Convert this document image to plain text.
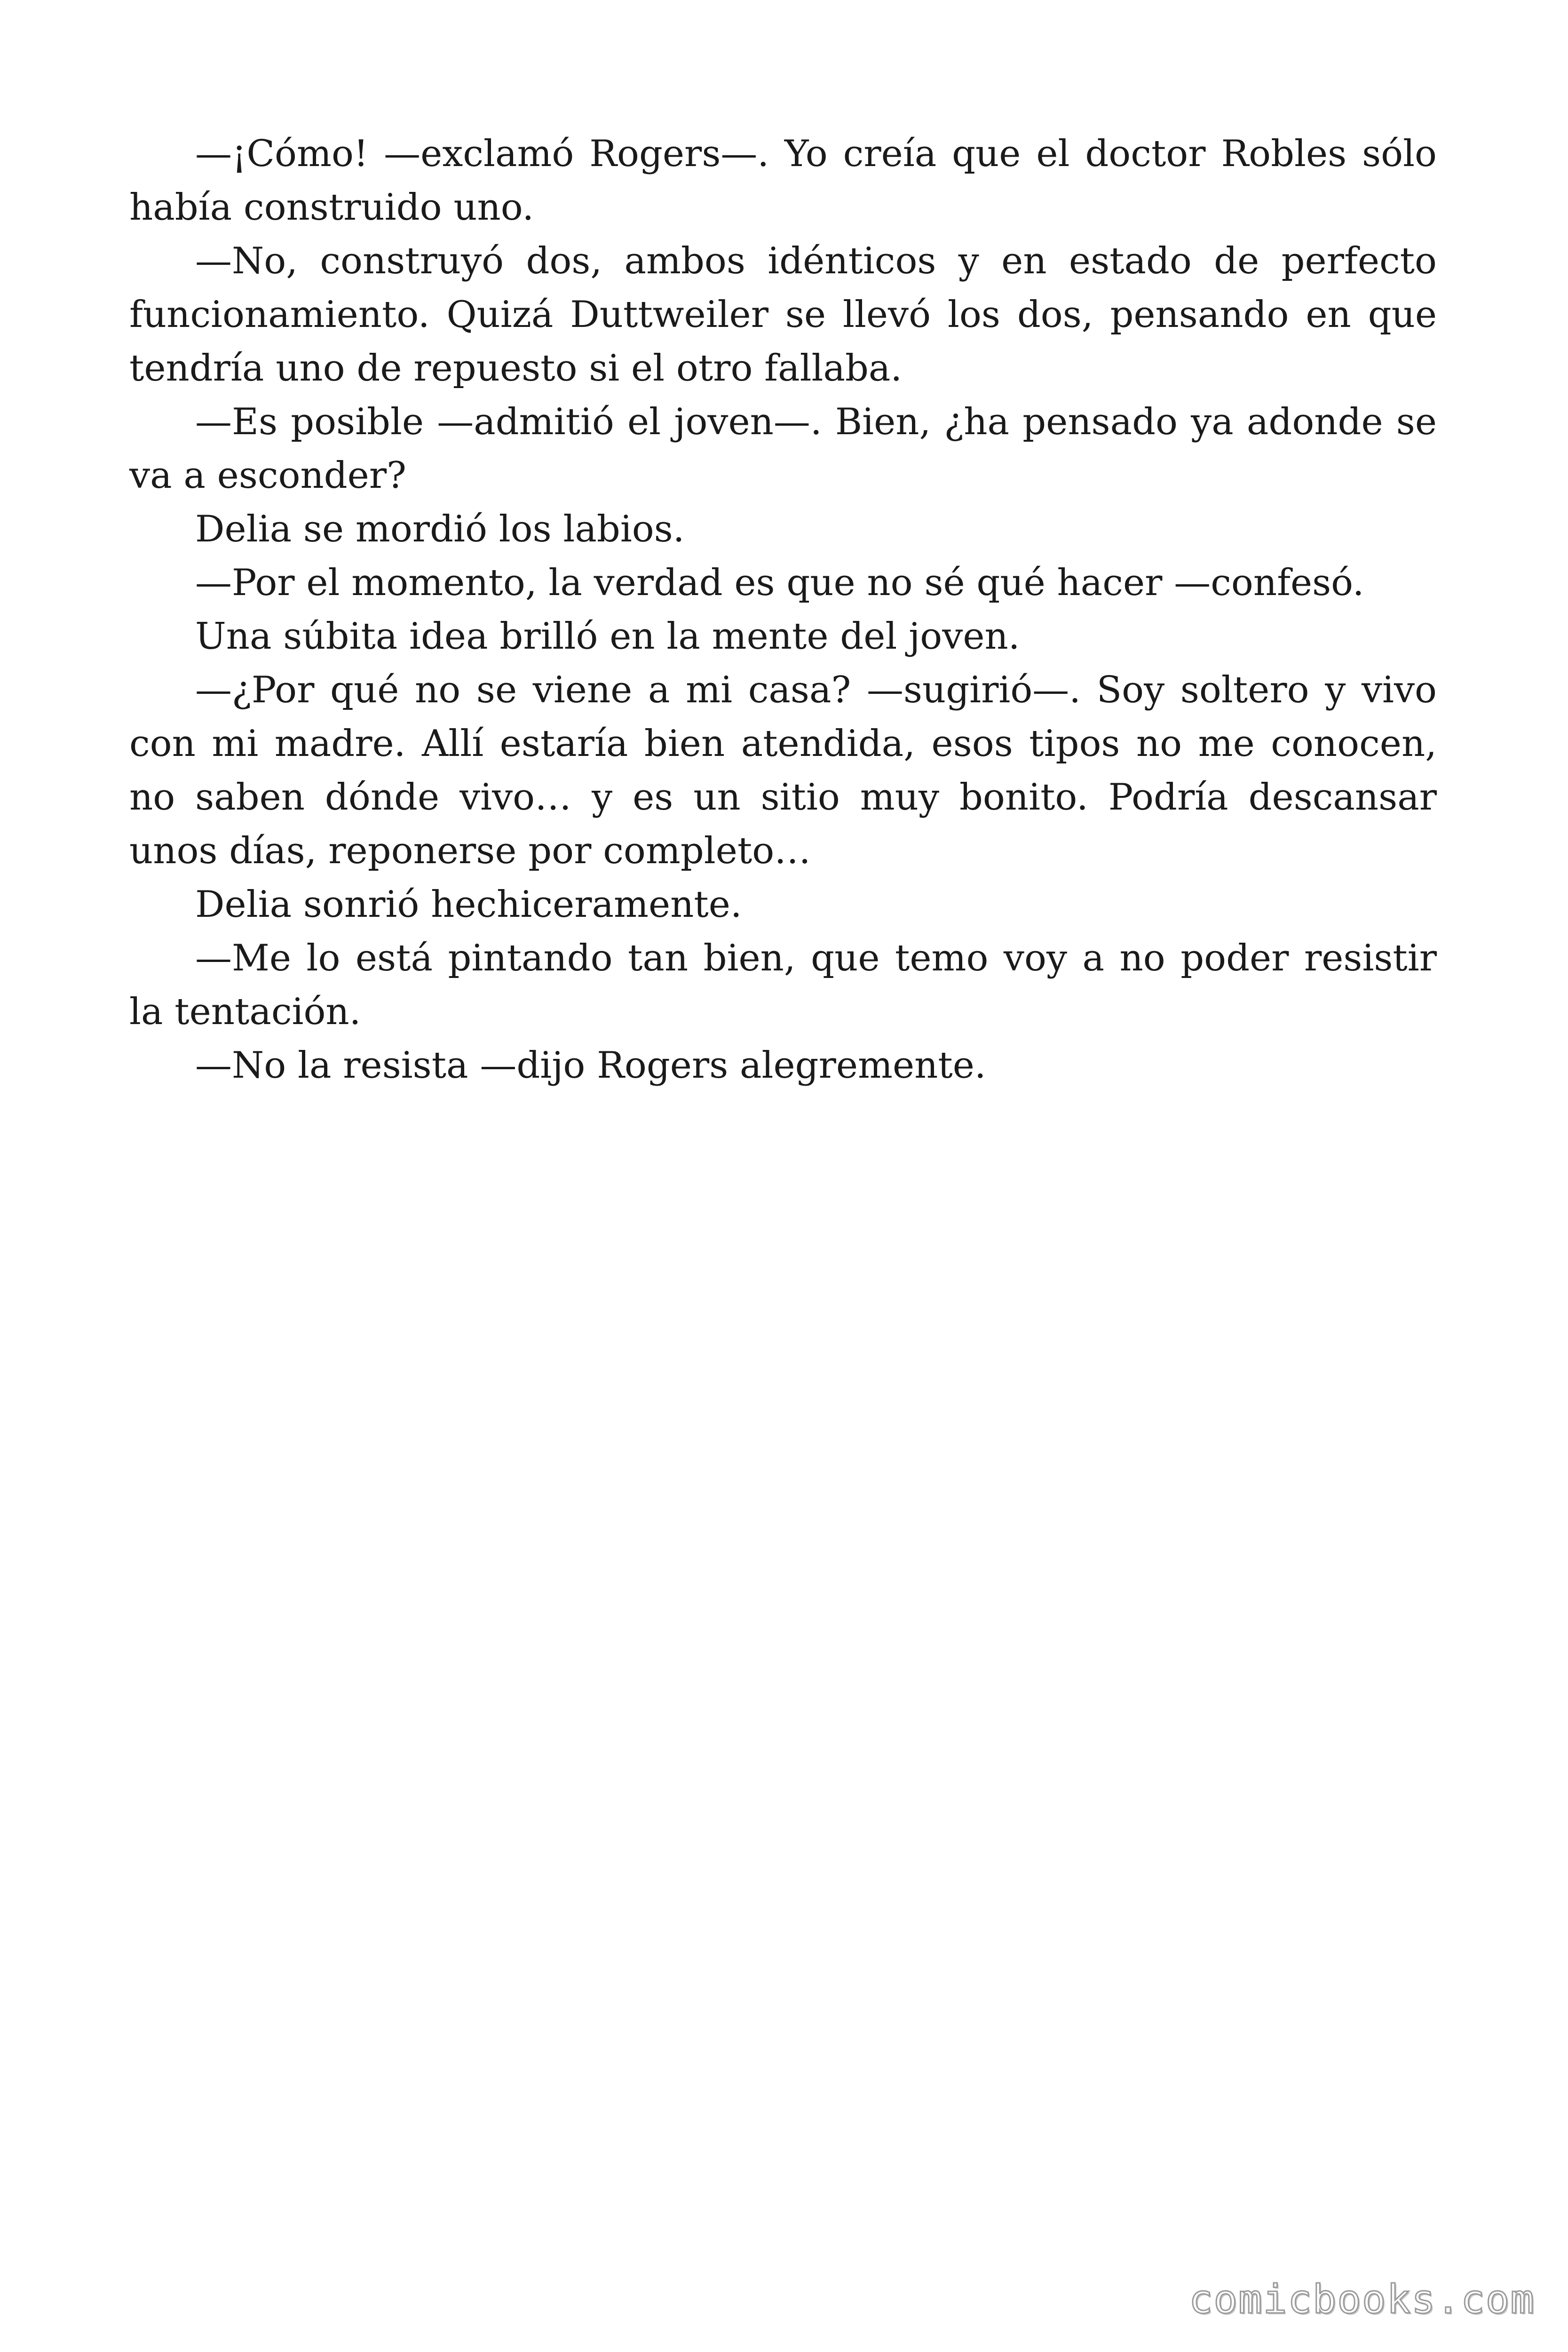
—¡Cómo! —exclamó Rogers—. Yo creía que el doctor Robles sólo había construido uno.

—No, construyó dos, ambos idénticos y en estado de perfecto funcionamiento. Quizá Duttweiler se llevó los dos, pensando en que tendría uno de repuesto si el otro fallaba.

—Es posible —admitió el joven—. Bien, ¿ha pensado ya adonde se va a esconder?

Delia se mordió los labios.

—Por el momento, la verdad es que no sé qué hacer —confesó.

Una súbita idea brilló en la mente del joven.

—¿Por qué no se viene a mi casa? —sugirió—. Soy soltero y vivo con mi madre. Allí estaría bien atendida, esos tipos no me conocen, no saben dónde vivo… y es un sitio muy bonito. Podría descansar unos días, reponerse por completo…

Delia sonrió hechiceramente.

—Me lo está pintando tan bien, que temo voy a no poder resistir la tentación.

—No la resista —dijo Rogers alegremente.

comicbooks.com
